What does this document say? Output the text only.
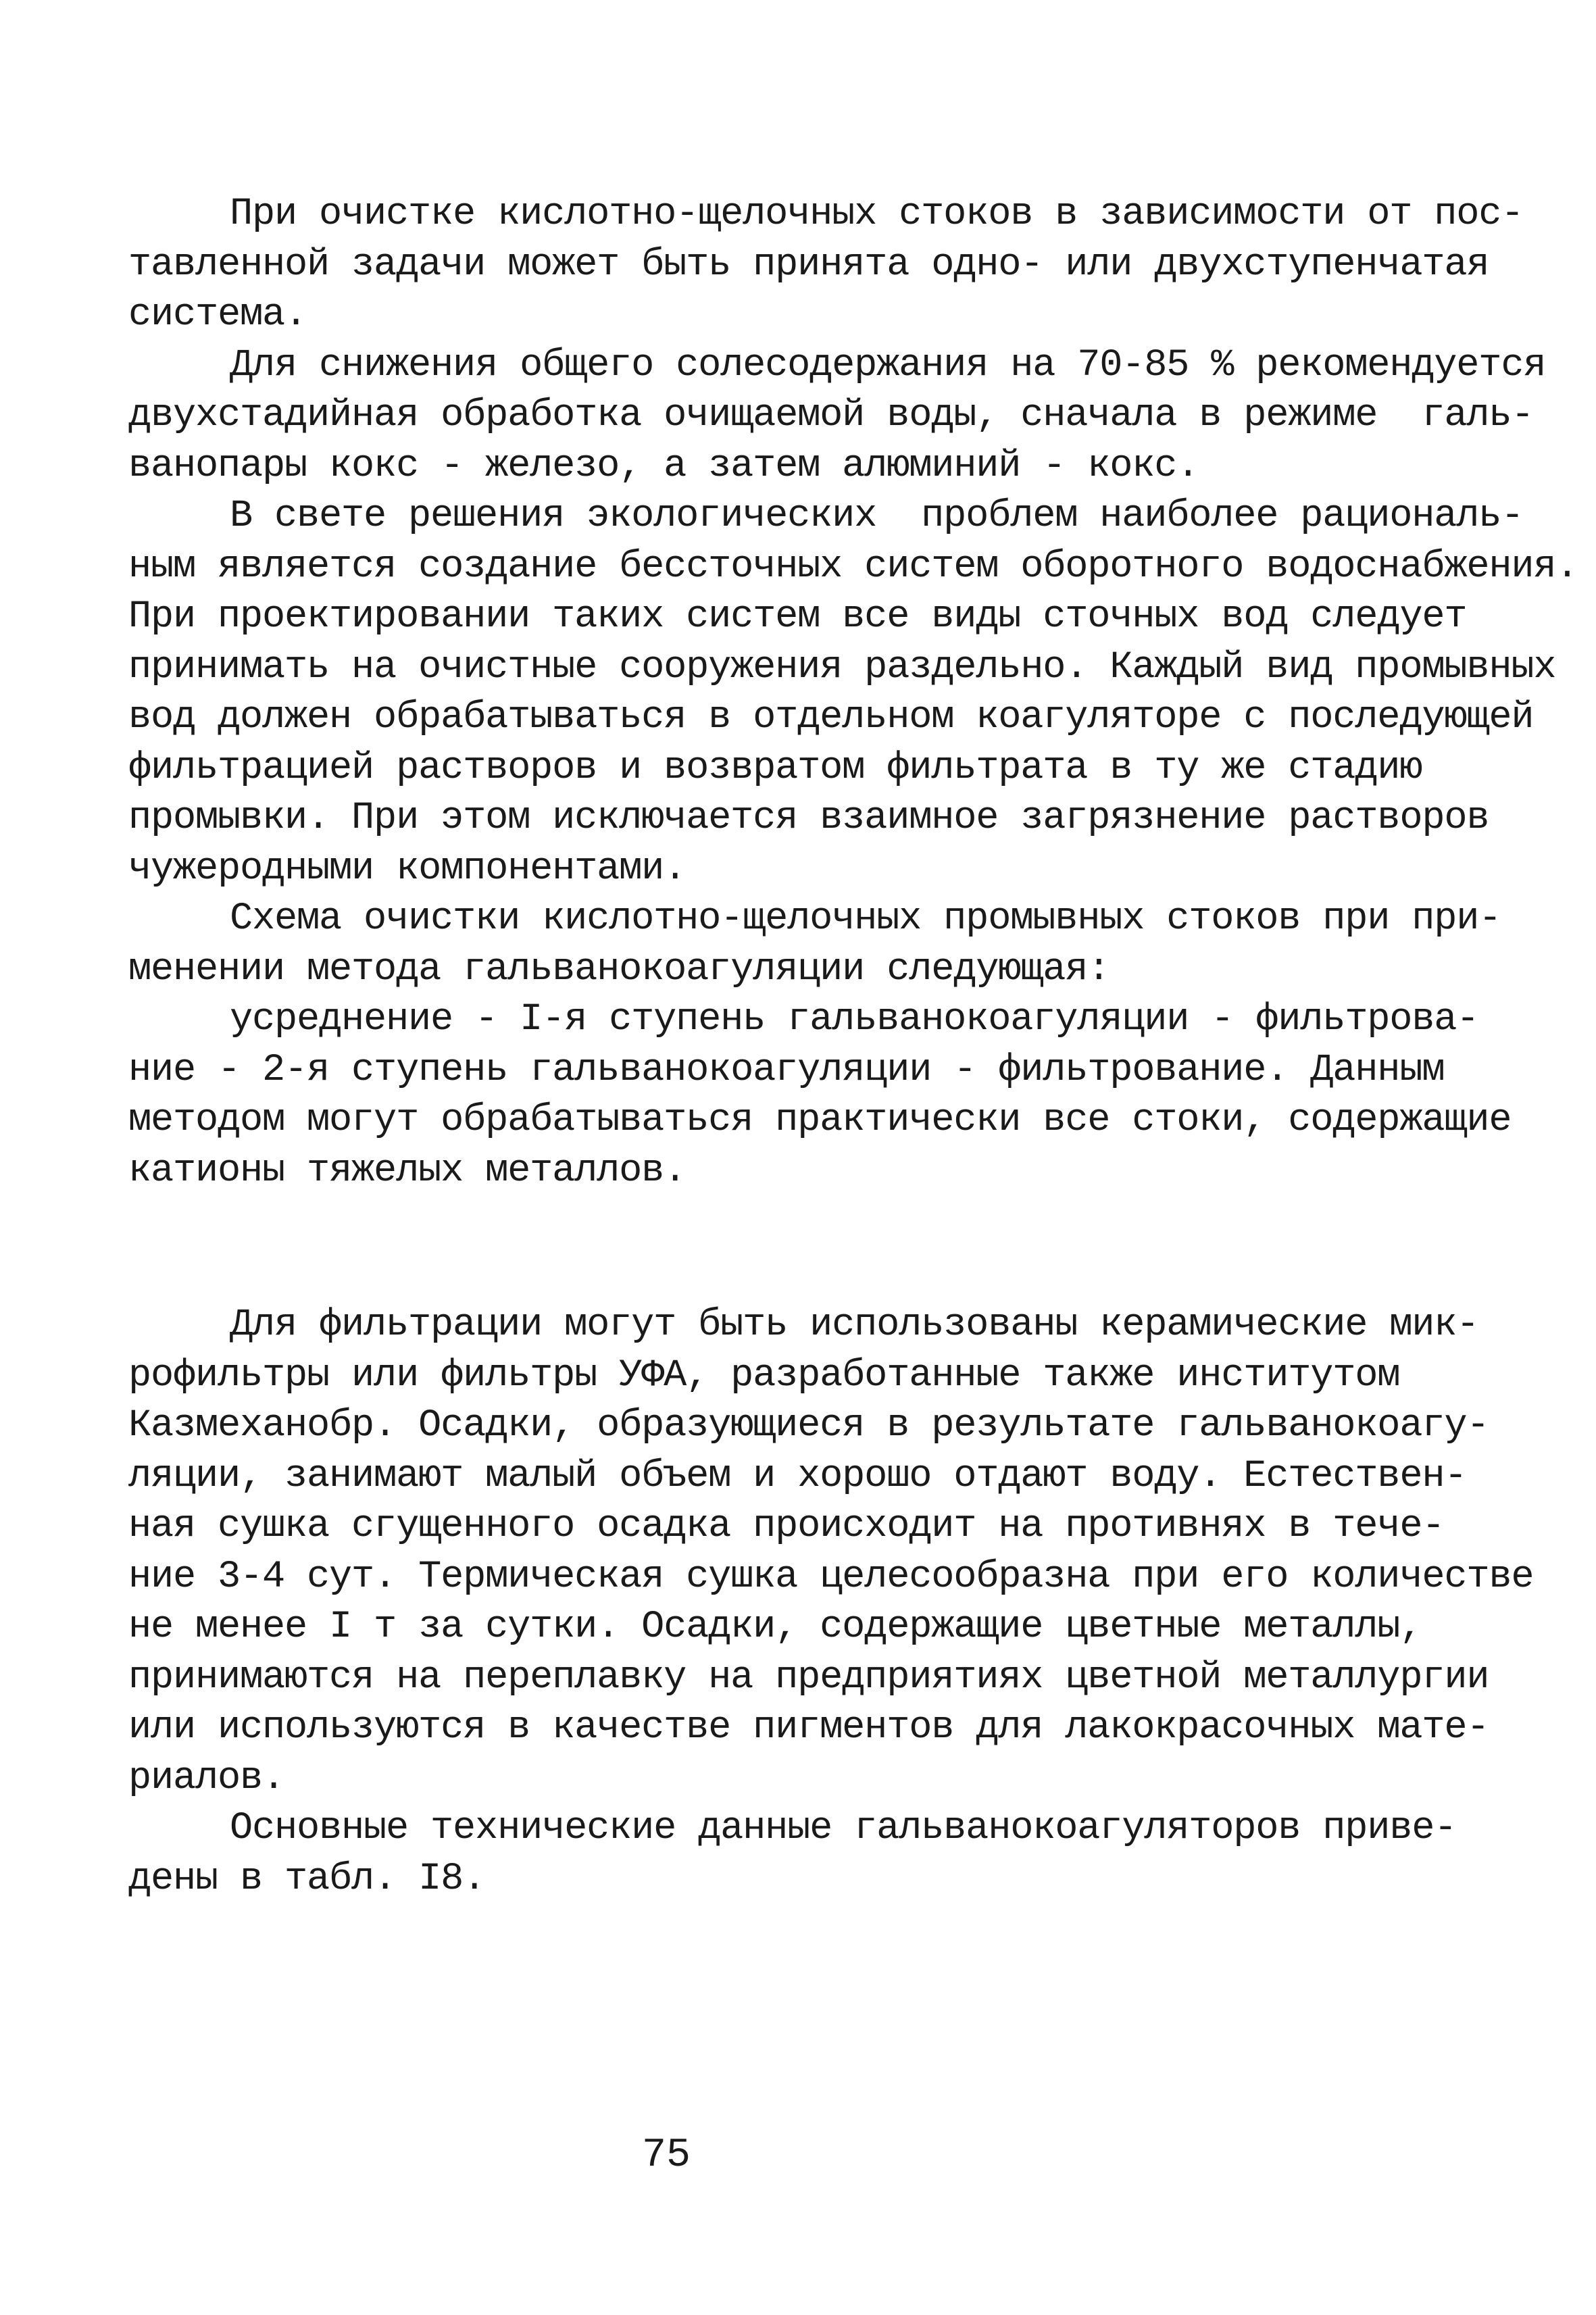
При очистке кислотно-щелочных стоков в зависимости от пос-
тавленной задачи может быть принята одно- или двухступенчатая
система.
Для снижения общего солесодержания на 70-85 % рекомендуется
двухстадийная обработка очищаемой воды, сначала в режиме  галь-
ванопары кокс - железо, а затем алюминий - кокс.
В свете решения экологических  проблем наиболее рациональ-
ным является создание бессточных систем оборотного водоснабжения.
При проектировании таких систем все виды сточных вод следует
принимать на очистные сооружения раздельно. Каждый вид промывных
вод должен обрабатываться в отдельном коагуляторе с последующей
фильтрацией растворов и возвратом фильтрата в ту же стадию
промывки. При этом исключается взаимное загрязнение растворов
чужеродными компонентами.
Схема очистки кислотно-щелочных промывных стоков при при-
менении метода гальванокоагуляции следующая:
усреднение - I-я ступень гальванокоагуляции - фильтрова-
ние - 2-я ступень гальванокоагуляции - фильтрование. Данным
методом могут обрабатываться практически все стоки, содержащие
катионы тяжелых металлов.
Для фильтрации могут быть использованы керамические мик-
рофильтры или фильтры УФА, разработанные также институтом
Казмеханобр. Осадки, образующиеся в результате гальванокоагу-
ляции, занимают малый объем и хорошо отдают воду. Естествен-
ная сушка сгущенного осадка происходит на противнях в тече-
ние 3-4 сут. Термическая сушка целесообразна при его количестве
не менее I т за сутки. Осадки, содержащие цветные металлы,
принимаются на переплавку на предприятиях цветной металлургии
или используются в качестве пигментов для лакокрасочных мате-
риалов.
Основные технические данные гальванокоагуляторов приве-
дены в табл. I8.
75
